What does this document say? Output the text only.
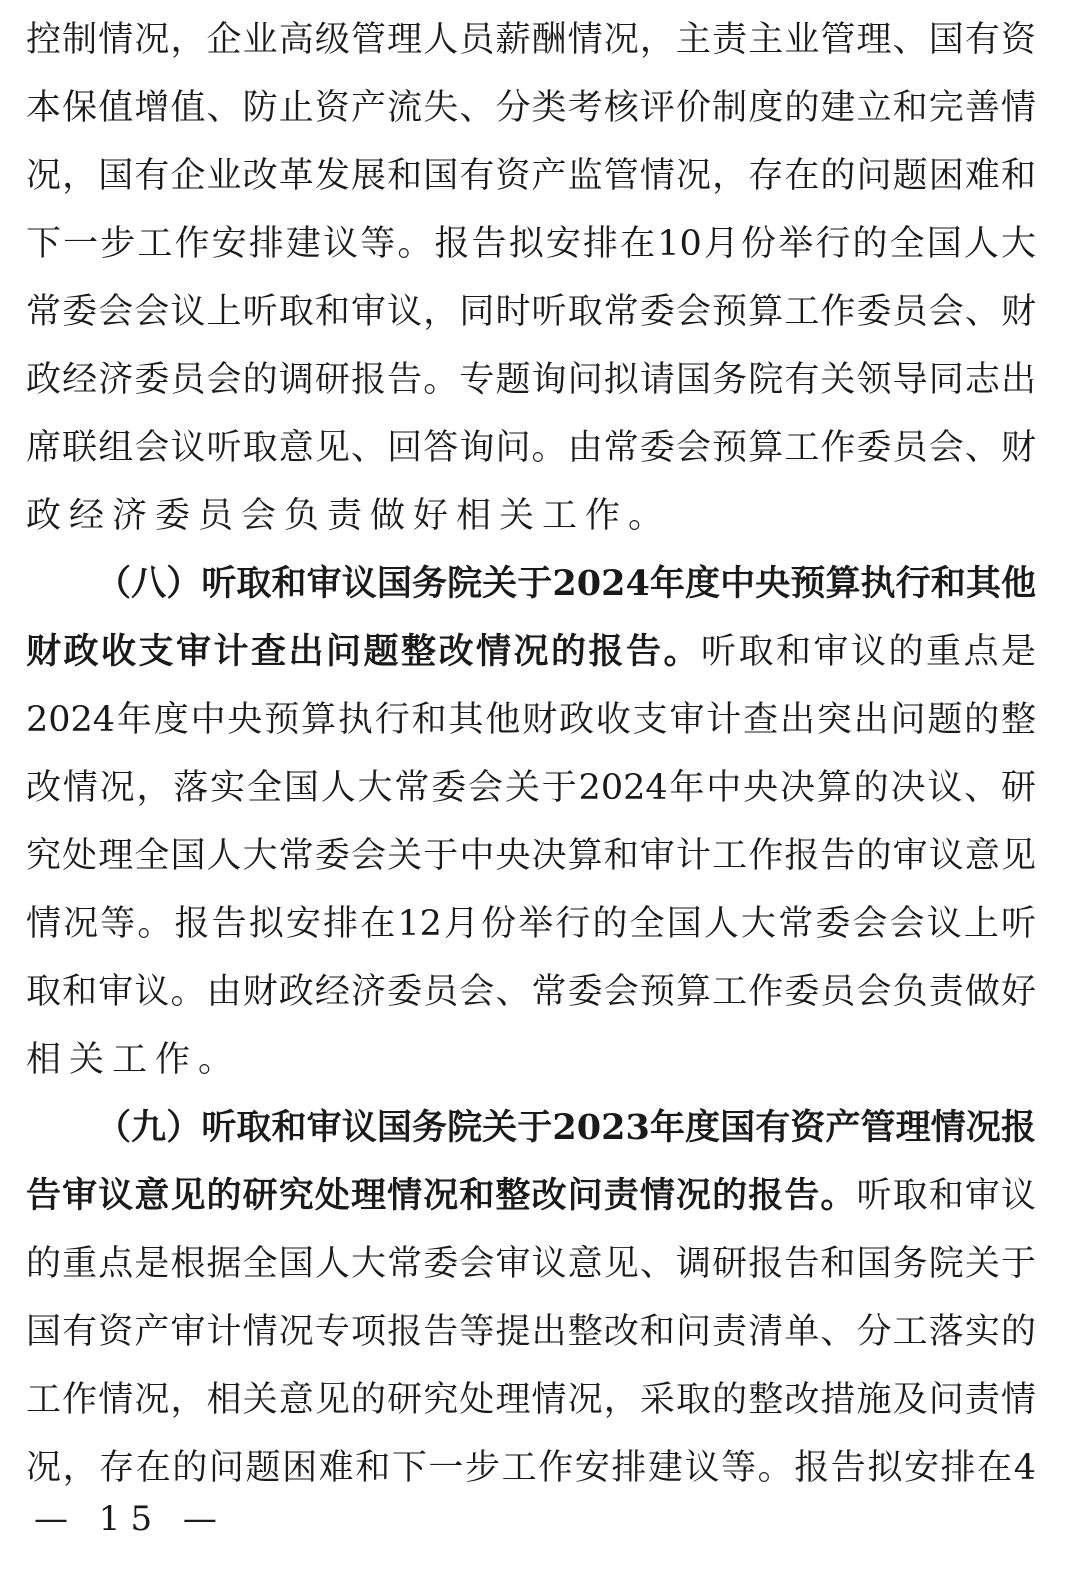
控制情况，企业高级管理人员薪酬情况，主责主业管理、国有资
本保值增值、防止资产流失、分类考核评价制度的建立和完善情
况，国有企业改革发展和国有资产监管情况，存在的问题困难和
下一步工作安排建议等。报告拟安排在10月份举行的全国人大
常委会会议上听取和审议，同时听取常委会预算工作委员会、财
政经济委员会的调研报告。专题询问拟请国务院有关领导同志出
席联组会议听取意见、回答询问。由常委会预算工作委员会、财
政经济委员会负责做好相关工作。
（八）听取和审议国务院关于2024年度中央预算执行和其他
财政收支审计查出问题整改情况的报告。听取和审议的重点是
2024年度中央预算执行和其他财政收支审计查出突出问题的整
改情况，落实全国人大常委会关于2024年中央决算的决议、研
究处理全国人大常委会关于中央决算和审计工作报告的审议意见
情况等。报告拟安排在12月份举行的全国人大常委会会议上听
取和审议。由财政经济委员会、常委会预算工作委员会负责做好
相关工作。
（九）听取和审议国务院关于2023年度国有资产管理情况报
告审议意见的研究处理情况和整改问责情况的报告。听取和审议
的重点是根据全国人大常委会审议意见、调研报告和国务院关于
国有资产审计情况专项报告等提出整改和问责清单、分工落实的
工作情况，相关意见的研究处理情况，采取的整改措施及问责情
况，存在的问题困难和下一步工作安排建议等。报告拟安排在4
— 15 —
